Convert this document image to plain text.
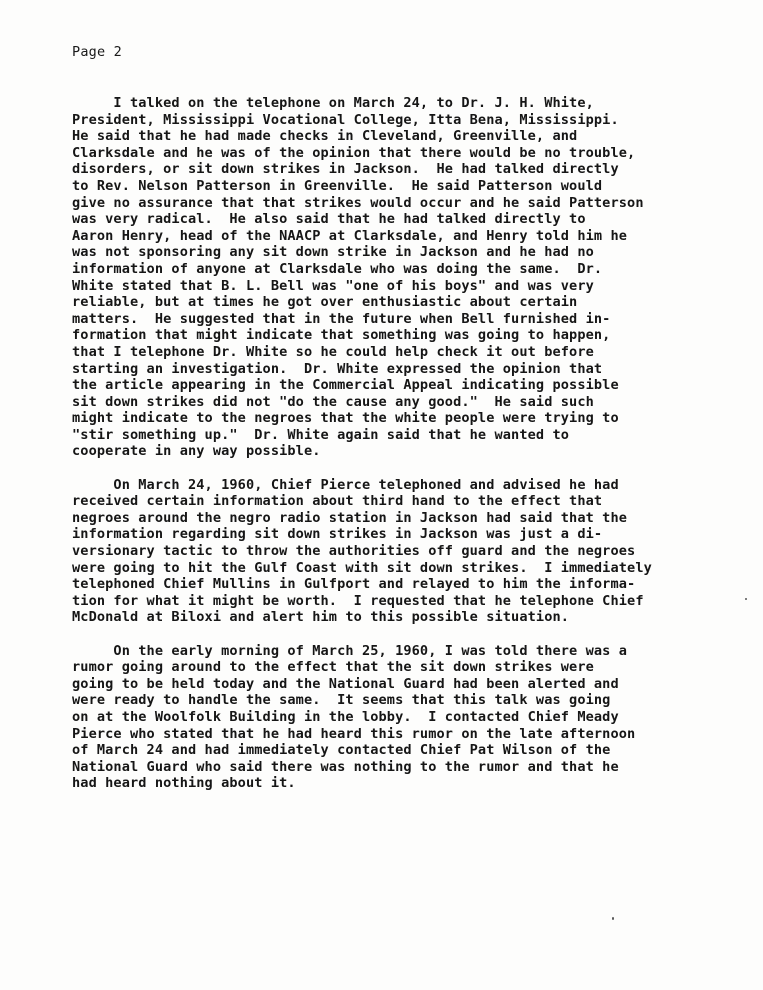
Page 2
I talked on the telephone on March 24, to Dr. J. H. White,
President, Mississippi Vocational College, Itta Bena, Mississippi.
He said that he had made checks in Cleveland, Greenville, and
Clarksdale and he was of the opinion that there would be no trouble,
disorders, or sit down strikes in Jackson.  He had talked directly
to Rev. Nelson Patterson in Greenville.  He said Patterson would
give no assurance that that strikes would occur and he said Patterson
was very radical.  He also said that he had talked directly to
Aaron Henry, head of the NAACP at Clarksdale, and Henry told him he
was not sponsoring any sit down strike in Jackson and he had no
information of anyone at Clarksdale who was doing the same.  Dr.
White stated that B. L. Bell was "one of his boys" and was very
reliable, but at times he got over enthusiastic about certain
matters.  He suggested that in the future when Bell furnished in-
formation that might indicate that something was going to happen,
that I telephone Dr. White so he could help check it out before
starting an investigation.  Dr. White expressed the opinion that
the article appearing in the Commercial Appeal indicating possible
sit down strikes did not "do the cause any good."  He said such
might indicate to the negroes that the white people were trying to
"stir something up."  Dr. White again said that he wanted to
cooperate in any way possible.
On March 24, 1960, Chief Pierce telephoned and advised he had
received certain information about third hand to the effect that
negroes around the negro radio station in Jackson had said that the
information regarding sit down strikes in Jackson was just a di-
versionary tactic to throw the authorities off guard and the negroes
were going to hit the Gulf Coast with sit down strikes.  I immediately
telephoned Chief Mullins in Gulfport and relayed to him the informa-
tion for what it might be worth.  I requested that he telephone Chief
McDonald at Biloxi and alert him to this possible situation.
On the early morning of March 25, 1960, I was told there was a
rumor going around to the effect that the sit down strikes were
going to be held today and the National Guard had been alerted and
were ready to handle the same.  It seems that this talk was going
on at the Woolfolk Building in the lobby.  I contacted Chief Meady
Pierce who stated that he had heard this rumor on the late afternoon
of March 24 and had immediately contacted Chief Pat Wilson of the
National Guard who said there was nothing to the rumor and that he
had heard nothing about it.
